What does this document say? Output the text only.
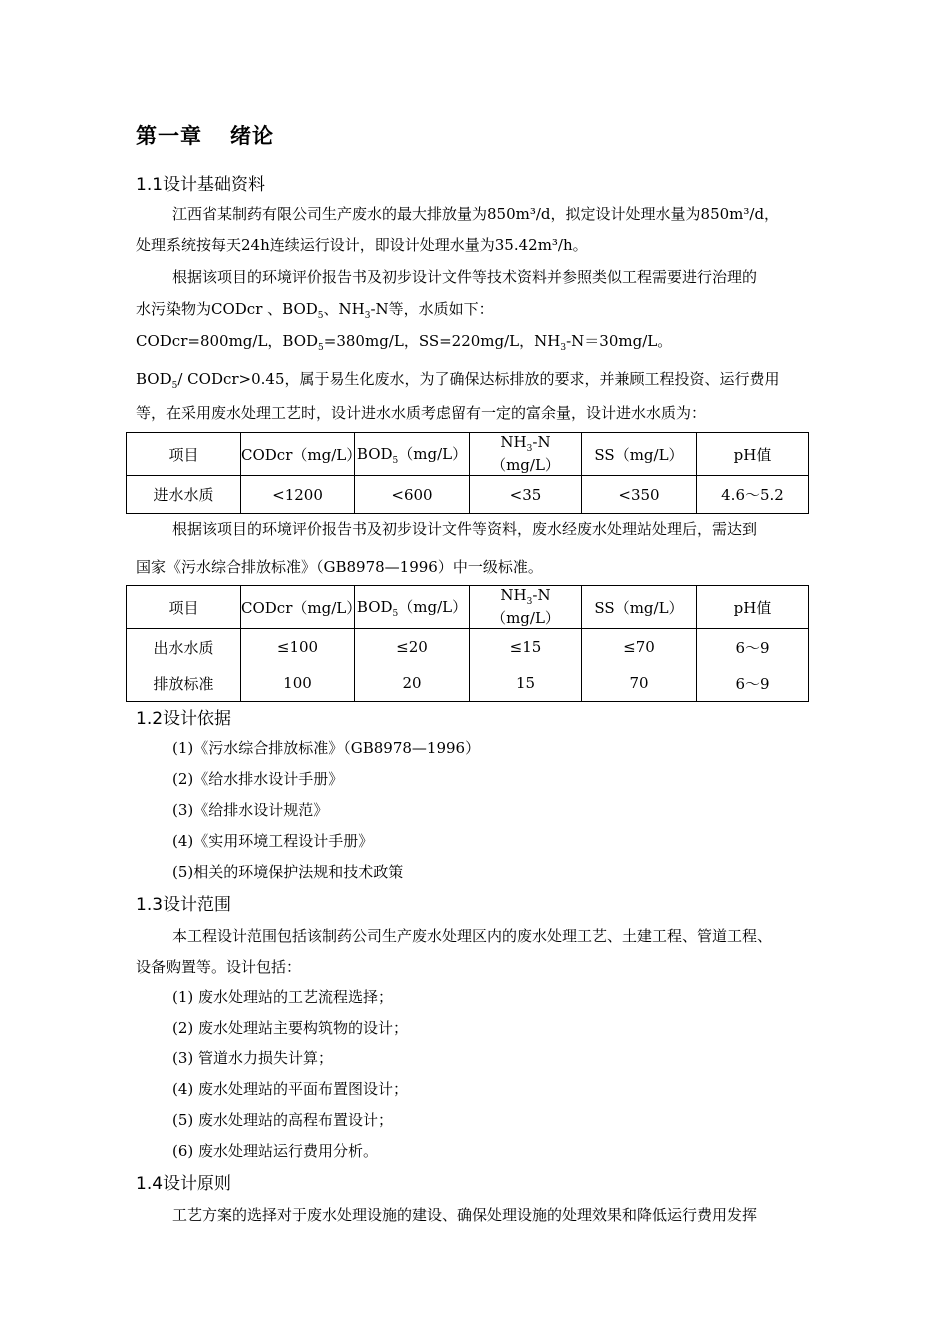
第一章 绪论
1.1设计基础资料
江西省某制药有限公司生产废水的最大排放量为850m³/d，拟定设计处理水量为850m³/d，
处理系统按每天24h连续运行设计，即设计处理水量为35.42m³/h。
根据该项目的环境评价报告书及初步设计文件等技术资料并参照类似工程需要进行治理的
水污染物为CODcr 、$BOD_5$、$NH_3-N$等，水质如下：
CODcr=800mg/L，$BOD_5=380mg/L$，SS=220mg/L，$NH_3-N=30mg/L$。
$BOD_5/$ CODcr>0.45，属于易生化废水，为了确保达标排放的要求，并兼顾工程投资、运行费用
等，在采用废水处理工艺时，设计进水水质考虑留有一定的富余量，设计进水水质为：
项目	CODcr（mg/L）	$BOD_5(mg/L)$	$NH_3-N(mg/L)$	SS（mg/L）	pH值
进水水质	<1200	<600	<35	<350	4.6～5.2
根据该项目的环境评价报告书及初步设计文件等资料，废水经废水处理站处理后，需达到
国家《污水综合排放标准》（GB8978—1996）中一级标准。
项目	CODcr（mg/L）	$BOD_5(mg/L)$	$NH_3-N(mg/L)$	SS（mg/L）	pH值
出水水质	≤100	≤20	≤15	≤70	6～9
排放标准	100	20	15	70	6～9
1.2设计依据
(1)《污水综合排放标准》（GB8978—1996）
(2)《给水排水设计手册》
(3)《给排水设计规范》
(4)《实用环境工程设计手册》
(5)相关的环境保护法规和技术政策
1.3设计范围
本工程设计范围包括该制药公司生产废水处理区内的废水处理工艺、土建工程、管道工程、
设备购置等。设计包括：
(1) 废水处理站的工艺流程选择；
(2) 废水处理站主要构筑物的设计；
(3) 管道水力损失计算；
(4) 废水处理站的平面布置图设计；
(5) 废水处理站的高程布置设计；
(6) 废水处理站运行费用分析。
1.4设计原则
工艺方案的选择对于废水处理设施的建设、确保处理设施的处理效果和降低运行费用发挥
